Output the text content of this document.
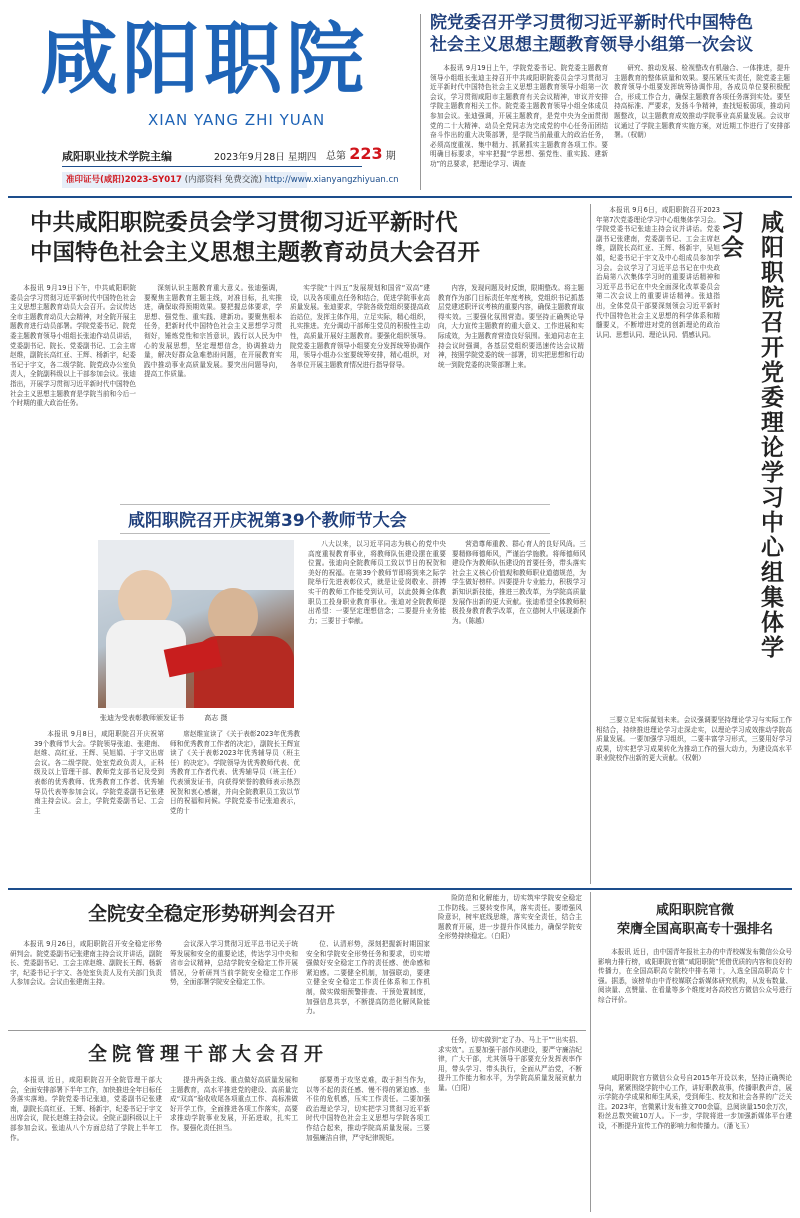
咸阳职院
XIAN YANG ZHI YUAN
咸阳职业技术学院主编	2023年9月28日 星期四 总第 223 期
准印证号(咸阳)2023-SY017 (内部资料 免费交流) http://www.xianyangzhiyuan.cn
院党委召开学习贯彻习近平新时代中国特色
社会主义思想主题教育领导小组第一次会议

本报讯 9月19日上午，学院党委书记、院党委主题教育领导小组组长张迪主持召开中共咸阳职院委员会学习贯彻习近平新时代中国特色社会主义思想主题教育领导小组第一次会议，学习贯彻咸阳市主题教育有关会议精神，审议并安排学院主题教育相关工作。院党委主题教育领导小组全体成员参加会议。张迪强调，开展主题教育，是党中央为全面贯彻党的二十大精神、动员全党同志为完成党的中心任务而团结奋斗作出的重大决策部署，是学院当前最重大的政治任务，必须高度重视、集中精力、抓紧抓实主题教育各项工作。要明确目标要求，牢牢把握“学思想、强党性、重实践、建新功”的总要求，把理论学习、调查

研究、推动发展、检视整改有机融合、一体推进，提升主题教育的整体质量和效果。要压紧压实责任，院党委主题教育领导小组要发挥统筹协调作用，各成员单位要积极配合，形成工作合力，确保主题教育各项任务落到实处。要坚持高标准、严要求，发扬斗争精神，查找短板弱项，推动问题整改，以主题教育成效推动学院事业高质量发展。会议审议通过了学院主题教育实施方案，对近期工作进行了安排部署。（权朝）

中共咸阳职院委员会学习贯彻习近平新时代
中国特色社会主义思想主题教育动员大会召开

本报讯 9月19日下午，中共咸阳职院委员会学习贯彻习近平新时代中国特色社会主义思想主题教育动员大会召开。会议传达全市主题教育动员大会精神，对全院开展主题教育进行动员部署。学院党委书记、院党委主题教育领导小组组长张迪作动员讲话，党委副书记、院长、党委副书记、工会主席赵维，副院长高红亚、王辉、杨新宇，纪委书记于宇文，各二级学院、院党政办公室负责人，全院副科级以上干部参加会议。张迪指出，开展学习贯彻习近平新时代中国特色社会主义思想主题教育是学院当前和今后一个时期的重大政治任务。

深刻认识主题教育重大意义。张迪强调，要聚焦主题教育主题主线，对准目标，扎实推进，确保取得预期效果。要把握总体要求，学思想、强党性、重实践、建新功。要聚焦根本任务，把新时代中国特色社会主义思想学习贯彻好，锤炼党性和宗旨意识，践行以人民为中心的发展思想，坚定理想信念，协调推动力量，解决好群众急难愁盼问题，在开展教育实践中推动事业高质量发展。要突出问题导向，提高工作质量。

实学院“十四五”发展规划和国省“双高”建设，以及各项重点任务和结合，促进学院事业高质量发展。张迪要求，学院各级党组织要提高政治站位，发挥主体作用，立足实际，精心组织，扎实推进。充分调动干部师生党员的积极性主动性，高质量开展好主题教育。要强化组织领导。院党委主题教育领导小组要充分发挥统筹协调作用，领导小组办公室要统筹安排，精心组织，对各单位开展主题教育情况进行指导督导。

内容，发现问题及时反馈，限期整改。将主题教育作为部门目标责任年度考核，党组织书记抓基层党建述职评议考核的重要内容，确保主题教育取得实效。三要强化氛围营造。要坚持正确舆论导向，大力宣传主题教育的重大意义、工作进展和实际成效，为主题教育营造良好氛围。张迪同志在主持会议时强调，各基层党组织要迅速传达会议精神，按照学院党委的统一部署，切实把思想和行动统一到院党委的决策部署上来。

本报讯 9月6日，咸阳职院召开2023年第7次党委理论学习中心组集体学习会。学院党委书记张迪主持会议并讲话。党委副书记张建南，党委副书记、工会主席赵维，副院长高红亚、王辉、杨新宇，吴旭娟，纪委书记于宇文及中心组成员参加学习会。会议学习了习近平总书记在中央政治局第八次集体学习时的重要讲话精神和习近平总书记在中央全面深化改革委员会第二次会议上的重要讲话精神。张迪指出，全体党员干部要深刻领会习近平新时代中国特色社会主义思想的科学体系和精髓要义，不断增进对党的创新理论的政治认同、思想认同、理论认同、情感认同。	咸阳职院召开党委理论学习中心组集体学习会

三要立足实际谋划未来。会议强调要坚持理论学习与实际工作相结合，持续推进理论学习走深走实，以理论学习成效推动学院高质量发展。一要加强学习组织，二要丰富学习形式，三要用好学习成果，切实把学习成果转化为推动工作的强大动力，为建设高水平职业院校作出新的更大贡献。（权朝）

咸阳职院召开庆祝第39个教师节大会
张迪为受表彰教师颁发证书	高志 摄

本报讯 9月8日，咸阳职院召开庆祝第39个教师节大会。学院领导张迪、张建南、赵维、高红亚、王辉、吴旭娟、于宇文出席会议。各二级学院、处室党政负责人，正科级及以上管理干部、教师党支部书记及受到表彰的优秀教师、优秀教育工作者、优秀辅导员代表等参加会议。学院党委副书记张建南主持会议。会上，学院党委副书记、工会主

席赵维宣读了《关于表彰2023年优秀教师和优秀教育工作者的决定》，副院长王辉宣读了《关于表彰2023年优秀辅导员（班主任）的决定》。学院领导为优秀教师代表、优秀教育工作者代表、优秀辅导员（班主任）代表颁发证书，向获得荣誉的教师表示热烈祝贺和衷心感谢，并向全院教职员工致以节日的祝福和问候。学院党委书记张迪表示，党的十

八大以来，以习近平同志为核心的党中央高度重视教育事业，将教师队伍建设摆在重要位置。张迪向全院教师员工致以节日的祝贺和美好的祝福。在第39个教师节即将到来之际学院举行先进表彰仪式，就是让爱岗敬业、拼搏实干的教师工作能受到认可，以此鼓舞全体教职员工投身职业教育事业。张迪对全院教师提出希望：一要坚定理想信念；二要提升业务能力；三要甘于奉献。

营造尊师重教、群心育人的良好风尚。三要精修师德师风，严谨治学施教。将师德师风建设作为教师队伍建设的首要任务，带头落实社会主义核心价值观和教师职业道德规范，为学生做好榜样。四要提升专业能力，积极学习新知识新技能，推进三教改革，为学院高质量发展作出新的更大贡献。张迪希望全体教师积极投身教育教学改革，在立德树人中展现新作为。（陈越）

全院安全稳定形势研判会召开

本报讯 9月26日，咸阳职院召开安全稳定形势研判会。院党委副书记张建南主持会议并讲话，副院长、党委副书记、工会主席赵维、副院长王辉、杨新宇，纪委书记于宇文、各处室负责人及有关部门负责人参加会议。会议由张建南主持。

会议深入学习贯彻习近平总书记关于统筹发展和安全的重要论述，传达学习中央和省市会议精神，总结学院安全稳定工作开展情况，分析研判当前学院安全稳定工作形势，全面部署学院安全稳定工作。

位、认清形势，深刻把握新时期国家安全和学院安全形势任务和要求，切实增强做好安全稳定工作的责任感、使命感和紧迫感。二要健全机制，加强联动，要建立健全安全稳定工作责任体系和工作机制，做实做细预警排查、干预处置制度，加强信息共享，不断提高防范化解风险能力。

险防范和化解能力，切实筑牢学院安全稳定工作防线。三要转变作风，落实责任。要增强风险意识，树牢底线思维，落实安全责任，结合主题教育开展，进一步提升作风能力，确保学院安全形势持续稳定。（白阳）

全院管理干部大会召开

本报讯 近日，咸阳职院召开全院管理干部大会，全面安排部署下半年工作，加快推进全年目标任务落实落地。学院党委书记张迪，党委副书记张建南，副院长高红亚、王辉、杨新宇，纪委书记于宇文出席会议，院长赵维主持会议。全院正副科级以上干部参加会议。张迪从八个方面总结了学院上半年工作。

提升两条主线、重点做好高质量发展和主题教育，高水平推进党的建设、高质量完成“双高”验收收尾各项重点工作、高标准做好开学工作，全面推进各项工作落实，高要求推动学院事业发展，开拓进取，扎实工作。要强化责任担当。

部要勇于攻坚克难，敢于担当作为，以等不起的责任感、慢不得的紧迫感、坐不住的危机感，压实工作责任。二要加强政治理论学习，切实把学习贯彻习近平新时代中国特色社会主义思想与学院各项工作结合起来，推动学院高质量发展。三要加强廉洁自律，严守纪律规矩。

任务，切实做到“定了办、马上干”“出实招、求实效”。五要加强干部作风建设，要严守廉洁纪律，广大干部，尤其领导干部要充分发挥表率作用，带头学习、带头执行，全面从严治党，不断提升工作能力和水平，为学院高质量发展贡献力量。（白阳）

咸阳职院官微
荣膺全国高职高专十强排名

本报讯 近日，由中国青年报社主办的中青校媒发布微信公众号影响力排行榜，咸阳职院官微“咸阳职院”凭借优质的内容和良好的传播力，在全国高职高专院校中排名第十，入选全国高职高专十强。据悉，该榜单由中青校媒联合新媒体研究机构，从发布数量、阅读量、点赞量、在看量等多个维度对各高校官方微信公众号进行综合评价。

咸阳职院官方微信公众号自2015年开设以来，坚持正确舆论导向，紧紧围绕学院中心工作，讲好职教故事，传播职教声音，展示学院办学成果和师生风采，受到师生、校友和社会各界的广泛关注。2023年，官微累计发布推文700余篇，总阅读量150余万次，粉丝总数突破10万人。下一步，学院将进一步加强新媒体平台建设，不断提升宣传工作的影响力和传播力。（潘飞玉）
